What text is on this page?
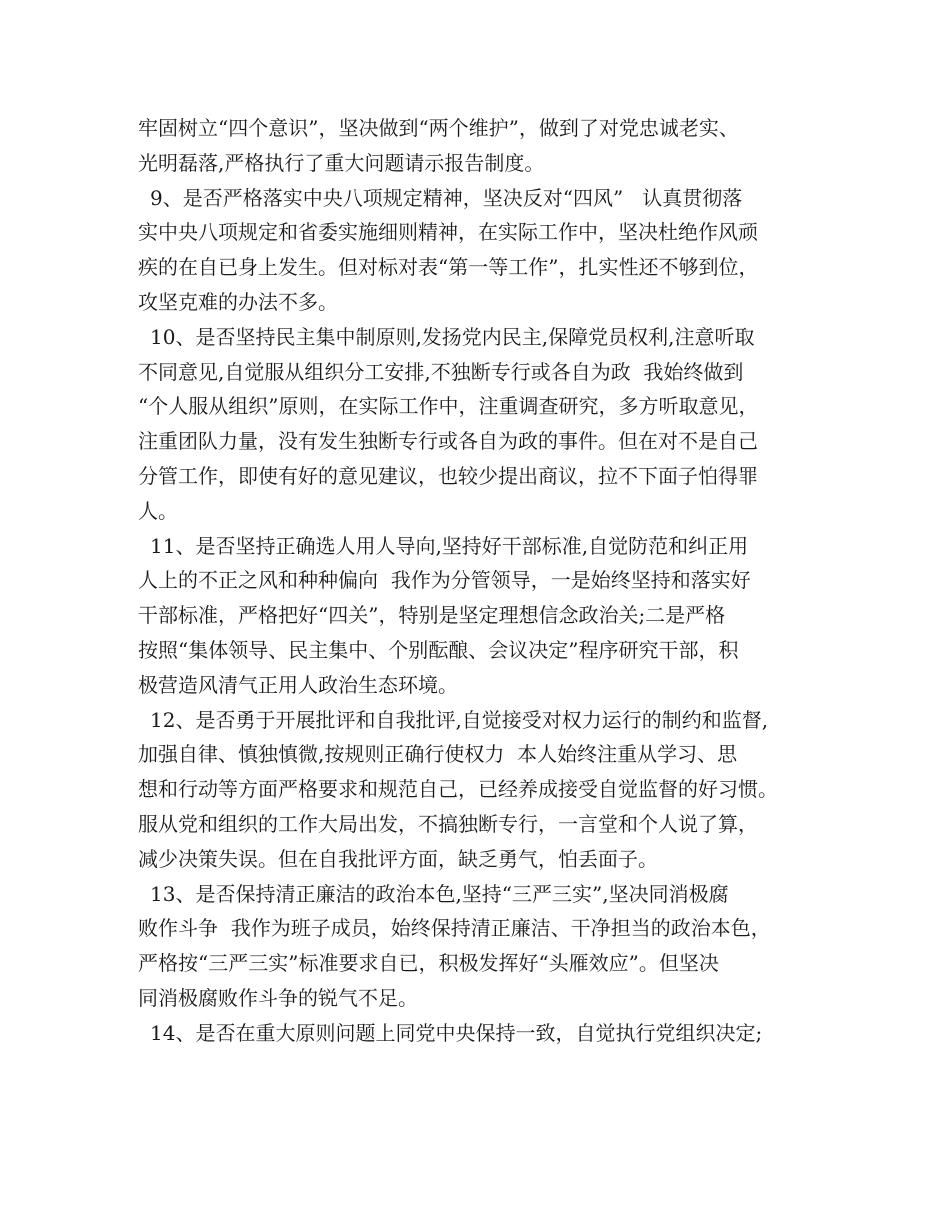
牢固树立“四个意识”，坚决做到“两个维护”，做到了对党忠诚老实、
光明磊落,严格执行了重大问题请示报告制度。
9、是否严格落实中央八项规定精神，坚决反对“四风”   认真贯彻落
实中央八项规定和省委实施细则精神，在实际工作中，坚决杜绝作风顽
疾的在自已身上发生。但对标对表“第一等工作”，扎实性还不够到位，
攻坚克难的办法不多。
10、是否坚持民主集中制原则,发扬党内民主,保障党员权利,注意听取
不同意见,自觉服从组织分工安排,不独断专行或各自为政  我始终做到
“个人服从组织”原则，在实际工作中，注重调查研究，多方听取意见，
注重团队力量，没有发生独断专行或各自为政的事件。但在对不是自己
分管工作，即使有好的意见建议，也较少提出商议，拉不下面子怕得罪
人。
11、是否坚持正确选人用人导向,坚持好干部标准,自觉防范和纠正用
人上的不正之风和种种偏向  我作为分管领导，一是始终坚持和落实好
干部标准，严格把好“四关”，特别是坚定理想信念政治关;二是严格
按照“集体领导、民主集中、个别酝酿、会议决定”程序研究干部，积
极营造风清气正用人政治生态环境。
12、是否勇于开展批评和自我批评,自觉接受对权力运行的制约和监督,
加强自律、慎独慎微,按规则正确行使权力  本人始终注重从学习、思
想和行动等方面严格要求和规范自己，已经养成接受自觉监督的好习惯。
服从党和组织的工作大局出发，不搞独断专行，一言堂和个人说了算，
减少决策失误。但在自我批评方面，缺乏勇气，怕丢面子。
13、是否保持清正廉洁的政治本色,坚持“三严三实”,坚决同消极腐
败作斗争  我作为班子成员，始终保持清正廉洁、干净担当的政治本色，
严格按“三严三实”标准要求自已，积极发挥好“头雁效应”。但坚决
同消极腐败作斗争的锐气不足。
14、是否在重大原则问题上同党中央保持一致，自觉执行党组织决定;
